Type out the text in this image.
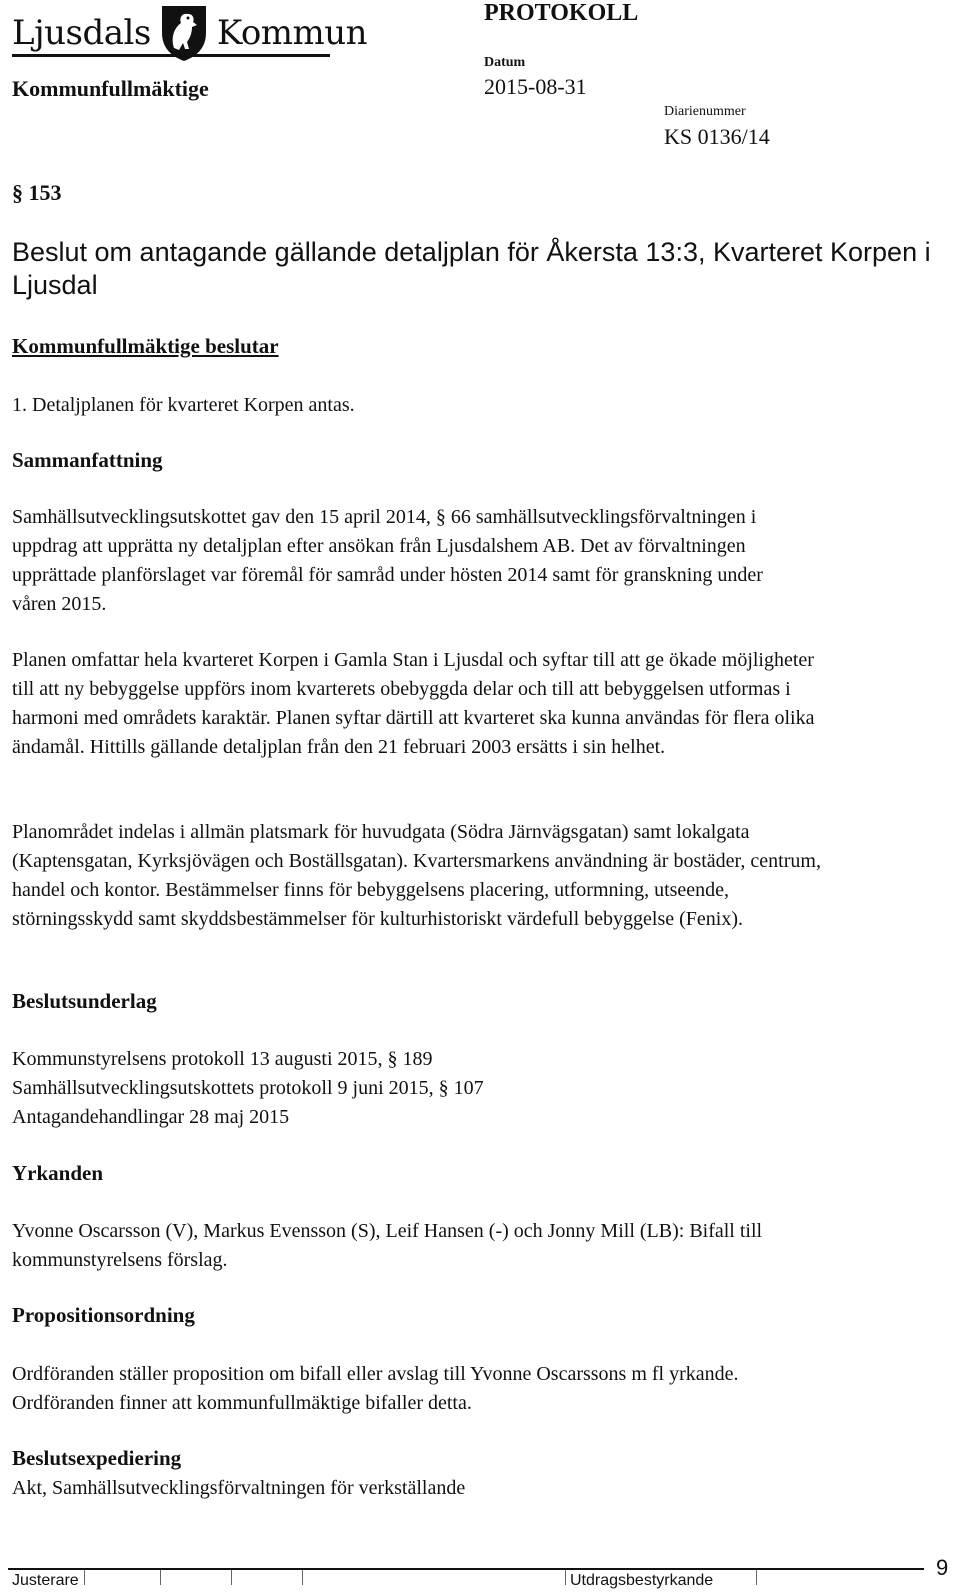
Ljusdals Kommun	PROTOKOLL
Kommunfullmäktige
Datum
2015-08-31
Diarienummer
KS 0136/14
§ 153
Beslut om antagande gällande detaljplan för Åkersta 13:3, Kvarteret Korpen i Ljusdal
Kommunfullmäktige beslutar
1. Detaljplanen för kvarteret Korpen antas.
Sammanfattning

Samhällsutvecklingsutskottet gav den 15 april 2014, § 66 samhällsutvecklingsförvaltningen i uppdrag att upprätta ny detaljplan efter ansökan från Ljusdalshem AB. Det av förvaltningen upprättade planförslaget var föremål för samråd under hösten 2014 samt för granskning under våren 2015.

Planen omfattar hela kvarteret Korpen i Gamla Stan i Ljusdal och syftar till att ge ökade möjligheter till att ny bebyggelse uppförs inom kvarterets obebyggda delar och till att bebyggelsen utformas i harmoni med områdets karaktär. Planen syftar därtill att kvarteret ska kunna användas för flera olika ändamål. Hittills gällande detaljplan från den 21 februari 2003 ersätts i sin helhet.

Planområdet indelas i allmän platsmark för huvudgata (Södra Järnvägsgatan) samt lokalgata (Kaptensgatan, Kyrksjövägen och Boställsgatan). Kvartersmarkens användning är bostäder, centrum, handel och kontor. Bestämmelser finns för bebyggelsens placering, utformning, utseende, störningsskydd samt skyddsbestämmelser för kulturhistoriskt värdefull bebyggelse (Fenix).

Beslutsunderlag
Kommunstyrelsens protokoll 13 augusti 2015, § 189
Samhällsutvecklingsutskottets protokoll 9 juni 2015, § 107
Antagandehandlingar 28 maj 2015
Yrkanden

Yvonne Oscarsson (V), Markus Evensson (S), Leif Hansen (-) och Jonny Mill (LB): Bifall till kommunstyrelsens förslag.

Propositionsordning

Ordföranden ställer proposition om bifall eller avslag till Yvonne Oscarssons m fl yrkande. Ordföranden finner att kommunfullmäktige bifaller detta.

Beslutsexpediering
Akt, Samhällsutvecklingsförvaltningen för verkställande
Justerare	Utdragsbestyrkande
9
